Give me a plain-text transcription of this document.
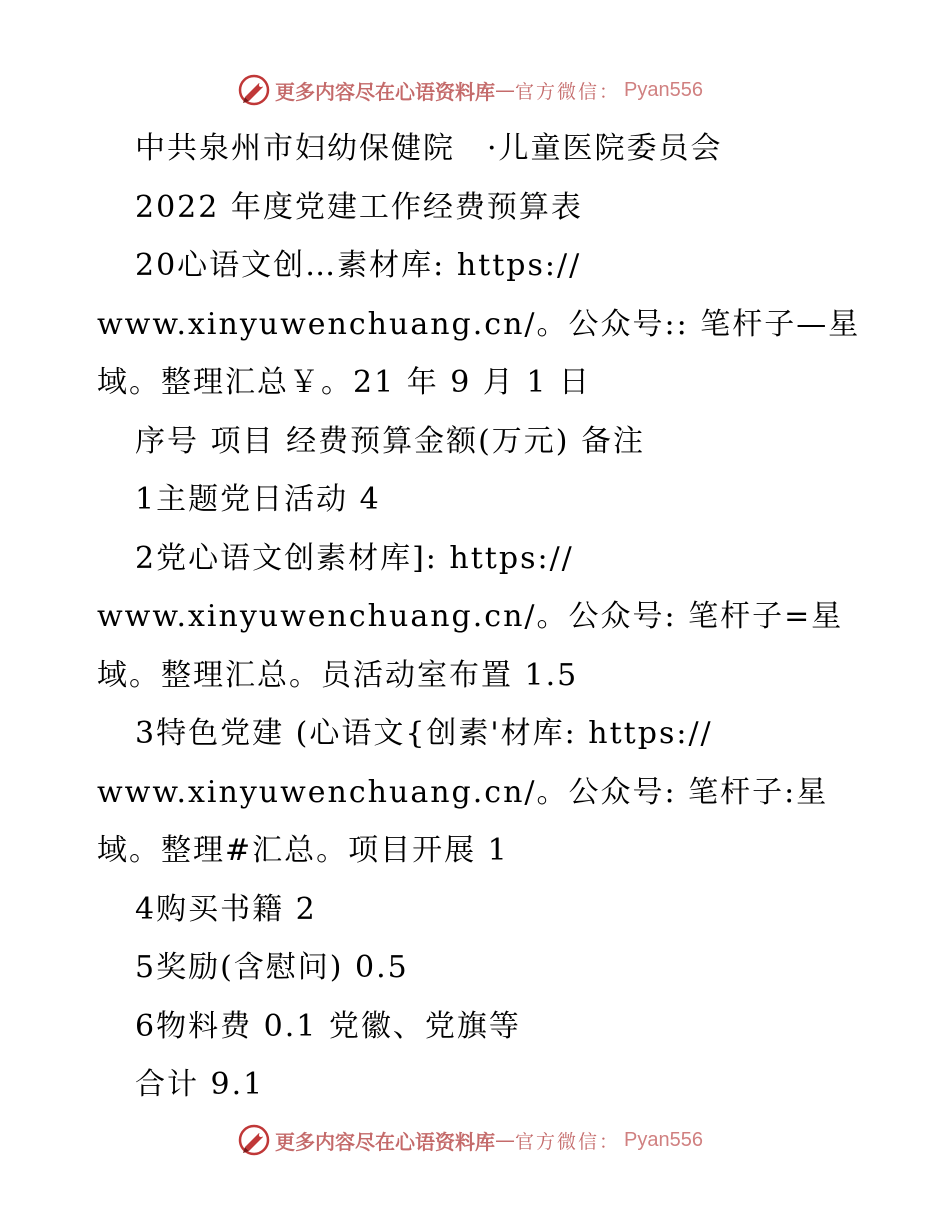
更多内容尽在心语资料库 — 官方微信： Pyan556
中共泉州市妇幼保健院　·儿童医院委员会
2022 年度党建工作经费预算表
20心语文创…素材库: https://
www.xinyuwenchuang.cn/。公众号:: 笔杆子—星
域。整理汇总￥。21 年 9 月 1 日
序号 项目 经费预算金额(万元) 备注
1主题党日活动 4
2党心语文创素材库]: https://
www.xinyuwenchuang.cn/。公众号: 笔杆子=星
域。整理汇总。员活动室布置 1.5
3特色党建 (心语文{创素'材库: https://
www.xinyuwenchuang.cn/。公众号: 笔杆子:星
域。整理#汇总。项目开展 1
4购买书籍 2
5奖励(含慰问) 0.5
6物料费 0.1 党徽、党旗等
合计 9.1
更多内容尽在心语资料库 — 官方微信： Pyan556
